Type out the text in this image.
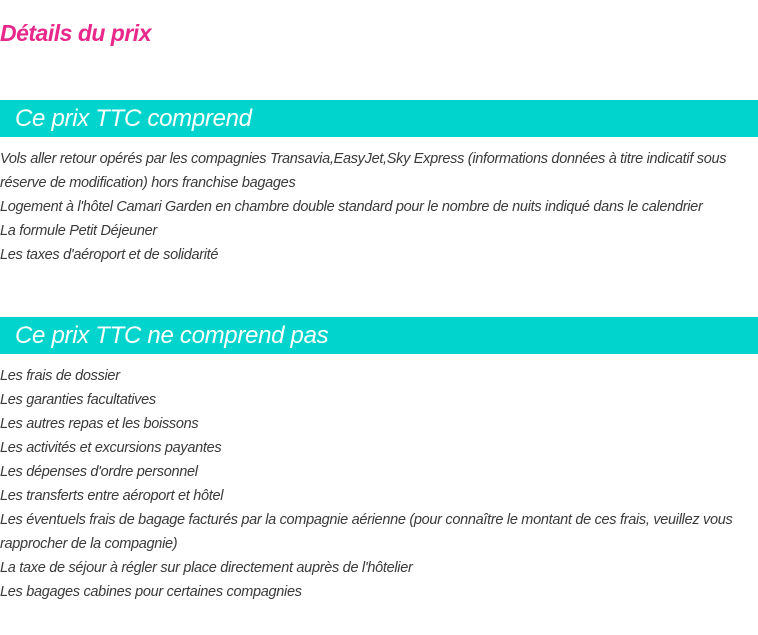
Détails du prix
Ce prix TTC comprend
Vols aller retour opérés par les compagnies Transavia,EasyJet,Sky Express (informations données à titre indicatif sous réserve de modification) hors franchise bagages
Logement à l'hôtel Camari Garden en chambre double standard pour le nombre de nuits indiqué dans le calendrier
La formule Petit Déjeuner
Les taxes d'aéroport et de solidarité
Ce prix TTC ne comprend pas
Les frais de dossier
Les garanties facultatives
Les autres repas et les boissons
Les activités et excursions payantes
Les dépenses d'ordre personnel
Les transferts entre aéroport et hôtel
Les éventuels frais de bagage facturés par la compagnie aérienne (pour connaître le montant de ces frais, veuillez vous rapprocher de la compagnie)
La taxe de séjour à régler sur place directement auprès de l'hôtelier
Les bagages cabines pour certaines compagnies
